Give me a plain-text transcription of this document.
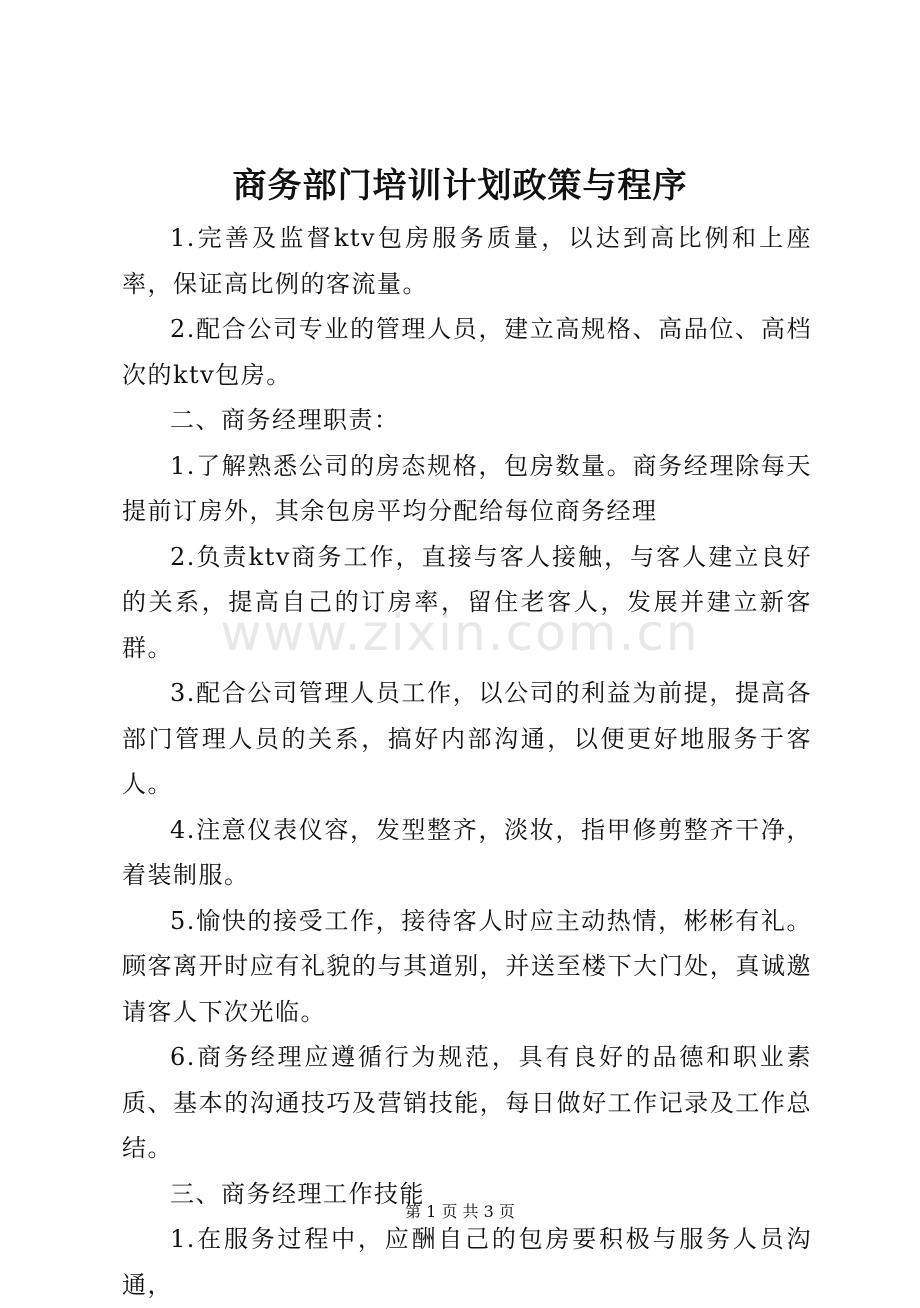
商务部门培训计划政策与程序

1.完善及监督ktv包房服务质量，以达到高比例和上座率，保证高比例的客流量。

2.配合公司专业的管理人员，建立高规格、高品位、高档次的ktv包房。

二、商务经理职责：

1.了解熟悉公司的房态规格，包房数量。商务经理除每天提前订房外，其余包房平均分配给每位商务经理

2.负责ktv商务工作，直接与客人接触，与客人建立良好的关系，提高自己的订房率，留住老客人，发展并建立新客群。

3.配合公司管理人员工作，以公司的利益为前提，提高各部门管理人员的关系，搞好内部沟通，以便更好地服务于客人。

4.注意仪表仪容，发型整齐，淡妆，指甲修剪整齐干净，着装制服。

5.愉快的接受工作，接待客人时应主动热情，彬彬有礼。顾客离开时应有礼貌的与其道别，并送至楼下大门处，真诚邀请客人下次光临。

6.商务经理应遵循行为规范，具有良好的品德和职业素质、基本的沟通技巧及营销技能，每日做好工作记录及工作总结。

三、商务经理工作技能

1.在服务过程中，应酬自己的包房要积极与服务人员沟通，

www.zixin.com.cn
第 1 页 共 3 页
